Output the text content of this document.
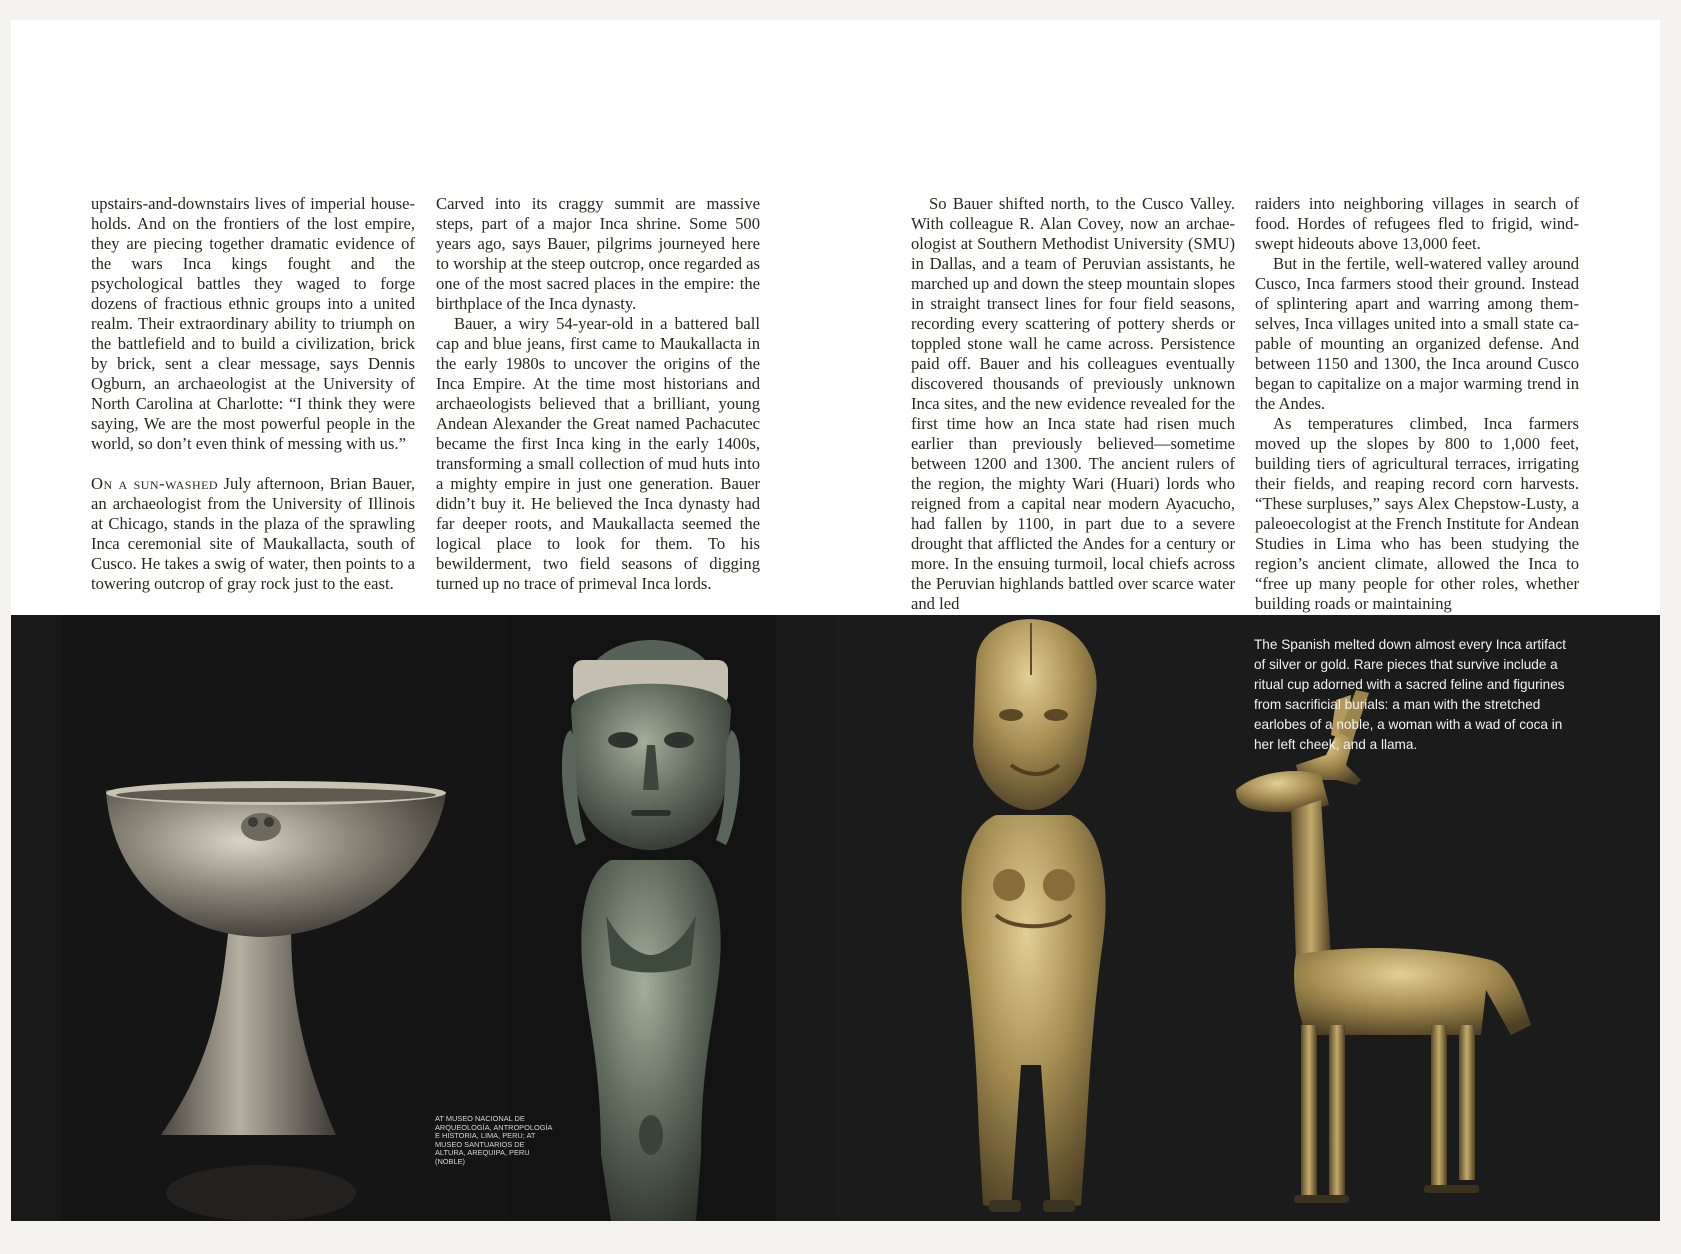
upstairs-and-downstairs lives of imperial households. And on the frontiers of the lost empire, they are piecing together dramatic evidence of the wars Inca kings fought and the psychological battles they waged to forge dozens of fractious ethnic groups into a united realm. Their extraordinary ability to triumph on the battlefield and to build a civilization, brick by brick, sent a clear message, says Dennis Ogburn, an archaeologist at the University of North Carolina at Charlotte: “I think they were saying, We are the most powerful people in the world, so don’t even think of messing with us.”

On a sun-washed July afternoon, Brian Bauer, an archaeologist from the University of Illinois at Chicago, stands in the plaza of the sprawling Inca ceremonial site of Maukallacta, south of Cusco. He takes a swig of water, then points to a towering outcrop of gray rock just to the east.

Carved into its craggy summit are massive steps, part of a major Inca shrine. Some 500 years ago, says Bauer, pilgrims journeyed here to worship at the steep outcrop, once regarded as one of the most sacred places in the empire: the birthplace of the Inca dynasty.

Bauer, a wiry 54-year-old in a battered ball cap and blue jeans, first came to Maukallacta in the early 1980s to uncover the origins of the Inca Empire. At the time most historians and archaeologists believed that a brilliant, young Andean Alexander the Great named Pachacutec became the first Inca king in the early 1400s, transforming a small collection of mud huts into a mighty empire in just one generation. Bauer didn’t buy it. He believed the Inca dynasty had far deeper roots, and Maukallacta seemed the logical place to look for them. To his bewilderment, two field seasons of digging turned up no trace of primeval Inca lords.

So Bauer shifted north, to the Cusco Valley. With colleague R. Alan Covey, now an archaeologist at Southern Methodist University (SMU) in Dallas, and a team of Peruvian assistants, he marched up and down the steep mountain slopes in straight transect lines for four field seasons, recording every scattering of pottery sherds or toppled stone wall he came across. Persistence paid off. Bauer and his colleagues eventually discovered thousands of previously unknown Inca sites, and the new evidence revealed for the first time how an Inca state had risen much earlier than previously believed—sometime between 1200 and 1300. The ancient rulers of the region, the mighty Wari (Huari) lords who reigned from a capital near modern Ayacucho, had fallen by 1100, in part due to a severe drought that afflicted the Andes for a century or more. In the ensuing turmoil, local chiefs across the Peruvian highlands battled over scarce water and led

raiders into neighboring villages in search of food. Hordes of refugees fled to frigid, windswept hideouts above 13,000 feet.

But in the fertile, well-watered valley around Cusco, Inca farmers stood their ground. Instead of splintering apart and warring among themselves, Inca villages united into a small state capable of mounting an organized defense. And between 1150 and 1300, the Inca around Cusco began to capitalize on a major warming trend in the Andes.

As temperatures climbed, Inca farmers moved up the slopes by 800 to 1,000 feet, building tiers of agricultural terraces, irrigating their fields, and reaping record corn harvests. “These surpluses,” says Alex Chepstow-Lusty, a paleoecologist at the French Institute for Andean Studies in Lima who has been studying the region’s ancient climate, allowed the Inca to “free up many people for other roles, whether building roads or maintaining

The Spanish melted down almost every Inca artifact of silver or gold. Rare pieces that survive include a ritual cup adorned with a sacred feline and figurines from sacrificial burials: a man with the stretched earlobes of a noble, a woman with a wad of coca in her left cheek, and a llama.

AT MUSEO NACIONAL DE ARQUEOLOGÍA, ANTROPOLOGÍA E HISTORIA, LIMA, PERU; AT MUSEO SANTUARIOS DE ALTURA, AREQUIPA, PERU (NOBLE)
